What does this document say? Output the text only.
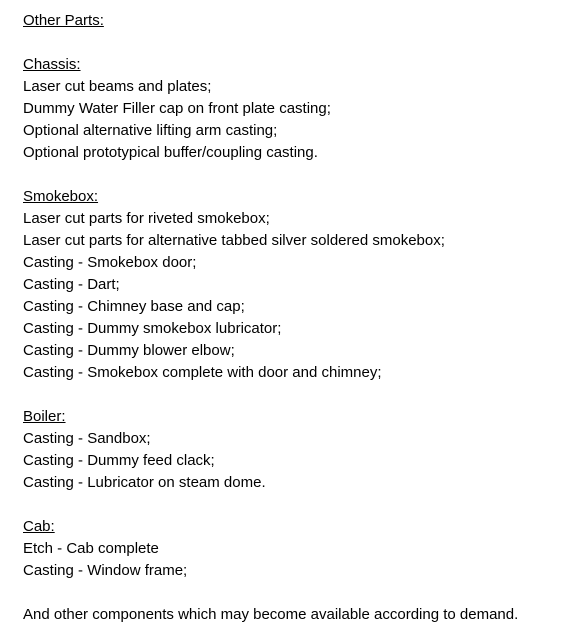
Other Parts:
Chassis:
Laser cut beams and plates;
Dummy Water Filler cap on front plate casting;
Optional alternative lifting arm casting;
Optional prototypical buffer/coupling casting.
Smokebox:
Laser cut parts for riveted smokebox;
Laser cut parts for alternative tabbed silver soldered smokebox;
Casting - Smokebox door;
Casting - Dart;
Casting - Chimney base and cap;
Casting - Dummy smokebox lubricator;
Casting - Dummy blower elbow;
Casting - Smokebox complete with door and chimney;
Boiler:
Casting - Sandbox;
Casting - Dummy feed clack;
Casting - Lubricator on steam dome.
Cab:
Etch - Cab complete
Casting - Window frame;
And other components which may become available according to demand.
